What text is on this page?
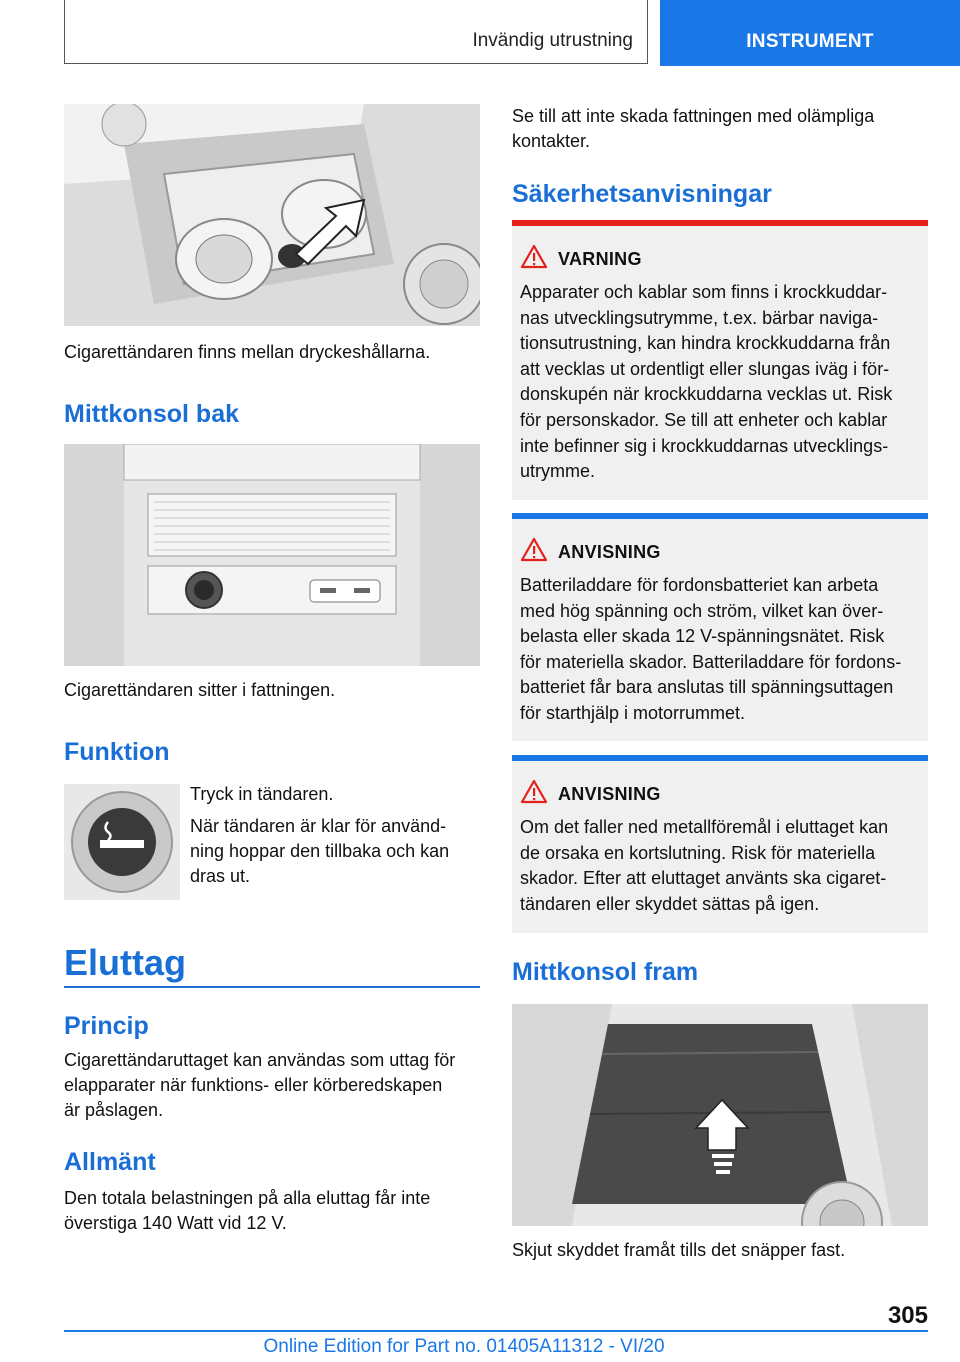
Invändig utrustning	INSTRUMENT
Cigarettändaren finns mellan dryckeshållarna.
Mittkonsol bak
Cigarettändaren sitter i fattningen.
Funktion
Tryck in tändaren.
När tändaren är klar för använd-
ning hoppar den tillbaka och kan
dras ut.
Eluttag
Princip
Cigarettändaruttaget kan användas som uttag för
elapparater när funktions- eller körberedskapen
är påslagen.
Allmänt
Den totala belastningen på alla eluttag får inte
överstiga 140 Watt vid 12 V.
Se till att inte skada fattningen med olämpliga
kontakter.
Säkerhetsanvisningar
VARNING
Apparater och kablar som finns i krockkuddar-
nas utvecklingsutrymme, t.ex. bärbar naviga-
tionsutrustning, kan hindra krockkuddarna från
att vecklas ut ordentligt eller slungas iväg i för-
donskupén när krockkuddarna vecklas ut. Risk
för personskador. Se till att enheter och kablar
inte befinner sig i krockkuddarnas utvecklings-
utrymme.
ANVISNING
Batteriladdare för fordonsbatteriet kan arbeta
med hög spänning och ström, vilket kan över-
belasta eller skada 12 V-spänningsnätet. Risk
för materiella skador. Batteriladdare för fordons-
batteriet får bara anslutas till spänningsuttagen
för starthjälp i motorrummet.
ANVISNING
Om det faller ned metallföremål i eluttaget kan
de orsaka en kortslutning. Risk för materiella
skador. Efter att eluttaget använts ska cigaret-
tändaren eller skyddet sättas på igen.
Mittkonsol fram
Skjut skyddet framåt tills det snäpper fast.
305
Online Edition for Part no. 01405A11312 - VI/20
